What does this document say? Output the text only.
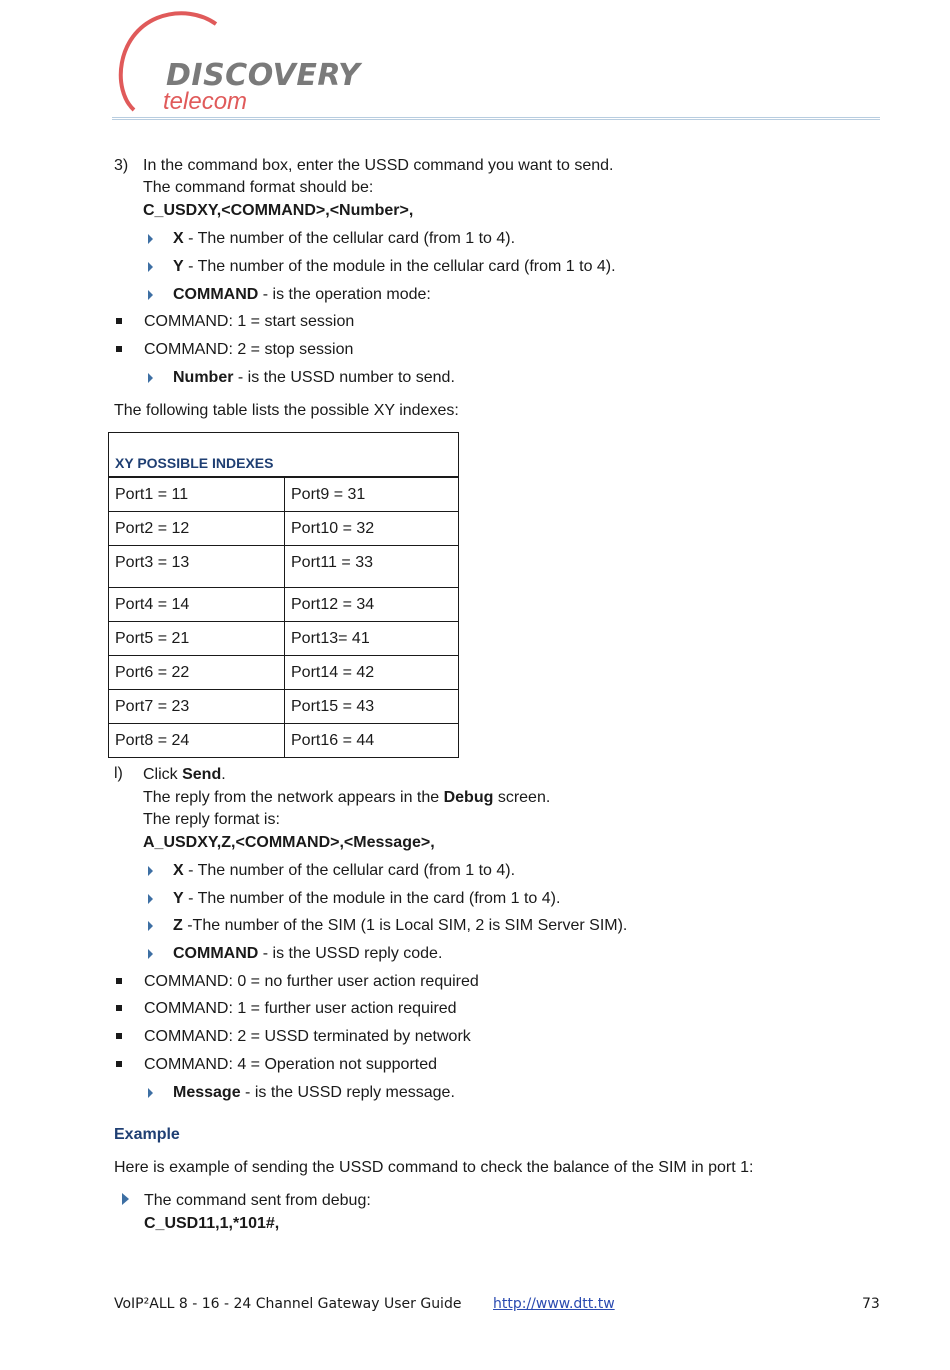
DISCOVERY
telecom
3) In the command box, enter the USSD command you want to send.
The command format should be:
C_USDXY,<COMMAND>,<Number>,
X - The number of the cellular card (from 1 to 4).
Y - The number of the module in the cellular card (from 1 to 4).
COMMAND - is the operation mode:
COMMAND: 1 = start session
COMMAND: 2 = stop session
Number - is the USSD number to send.
The following table lists the possible XY indexes:
XY POSSIBLE INDEXES
Port1 = 11	Port9 = 31
Port2 = 12	Port10 = 32
Port3 = 13	Port11 = 33
Port4 = 14	Port12 = 34
Port5 = 21	Port13= 41
Port6 = 22	Port14 = 42
Port7 = 23	Port15 = 43
Port8 = 24	Port16 = 44
l) Click Send.
The reply from the network appears in the Debug screen.
The reply format is:
A_USDXY,Z,<COMMAND>,<Message>,
X - The number of the cellular card (from 1 to 4).
Y - The number of the module in the card (from 1 to 4).
Z -The number of the SIM (1 is Local SIM, 2 is SIM Server SIM).
COMMAND - is the USSD reply code.
COMMAND: 0 = no further user action required
COMMAND: 1 = further user action required
COMMAND: 2 = USSD terminated by network
COMMAND: 4 = Operation not supported
Message - is the USSD reply message.
Example
Here is example of sending the USSD command to check the balance of the SIM in port 1:
The command sent from debug:
C_USD11,1,*101#,
VoIP²ALL 8 - 16 - 24 Channel Gateway User Guide http://www.dtt.tw	73
